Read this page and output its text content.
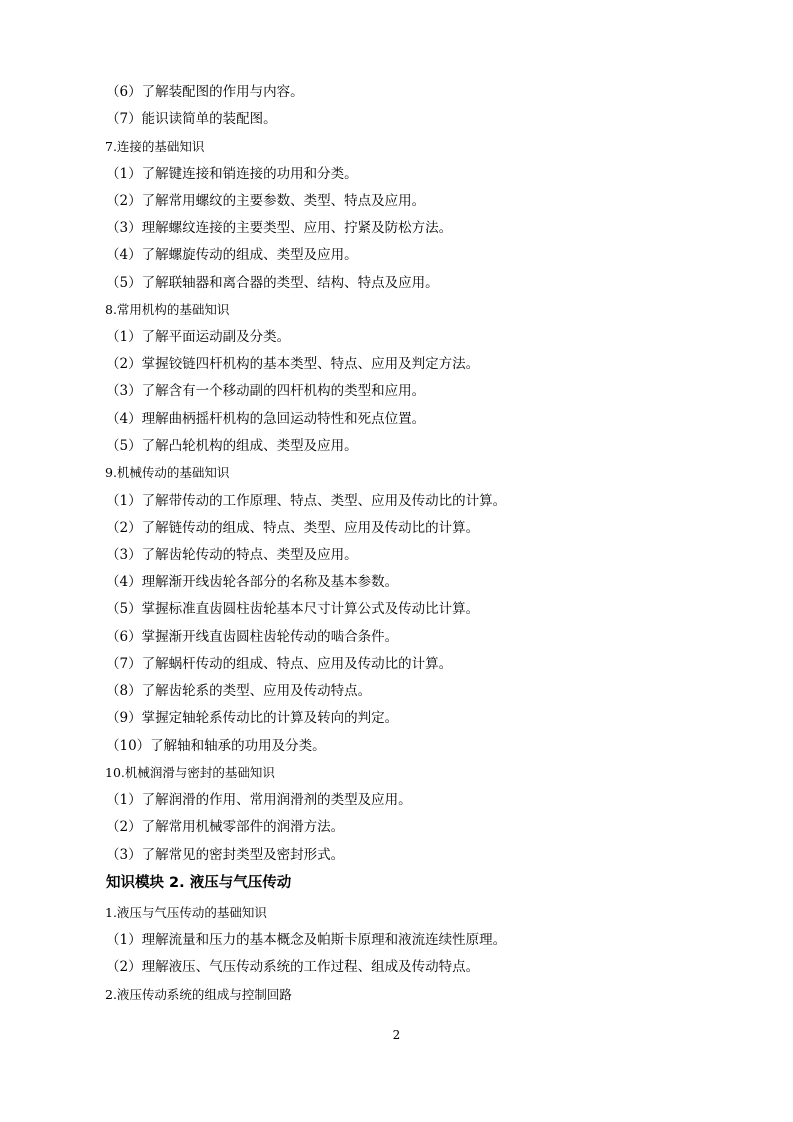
（6）了解装配图的作用与内容。
（7）能识读简单的装配图。
7.连接的基础知识
（1）了解键连接和销连接的功用和分类。
（2）了解常用螺纹的主要参数、类型、特点及应用。
（3）理解螺纹连接的主要类型、应用、拧紧及防松方法。
（4）了解螺旋传动的组成、类型及应用。
（5）了解联轴器和离合器的类型、结构、特点及应用。
8.常用机构的基础知识
（1）了解平面运动副及分类。
（2）掌握铰链四杆机构的基本类型、特点、应用及判定方法。
（3）了解含有一个移动副的四杆机构的类型和应用。
（4）理解曲柄摇杆机构的急回运动特性和死点位置。
（5）了解凸轮机构的组成、类型及应用。
9.机械传动的基础知识
（1）了解带传动的工作原理、特点、类型、应用及传动比的计算。
（2）了解链传动的组成、特点、类型、应用及传动比的计算。
（3）了解齿轮传动的特点、类型及应用。
（4）理解渐开线齿轮各部分的名称及基本参数。
（5）掌握标准直齿圆柱齿轮基本尺寸计算公式及传动比计算。
（6）掌握渐开线直齿圆柱齿轮传动的啮合条件。
（7）了解蜗杆传动的组成、特点、应用及传动比的计算。
（8）了解齿轮系的类型、应用及传动特点。
（9）掌握定轴轮系传动比的计算及转向的判定。
（10）了解轴和轴承的功用及分类。
10.机械润滑与密封的基础知识
（1）了解润滑的作用、常用润滑剂的类型及应用。
（2）了解常用机械零部件的润滑方法。
（3）了解常见的密封类型及密封形式。
知识模块 2. 液压与气压传动
1.液压与气压传动的基础知识
（1）理解流量和压力的基本概念及帕斯卡原理和液流连续性原理。
（2）理解液压、气压传动系统的工作过程、组成及传动特点。
2.液压传动系统的组成与控制回路
2
